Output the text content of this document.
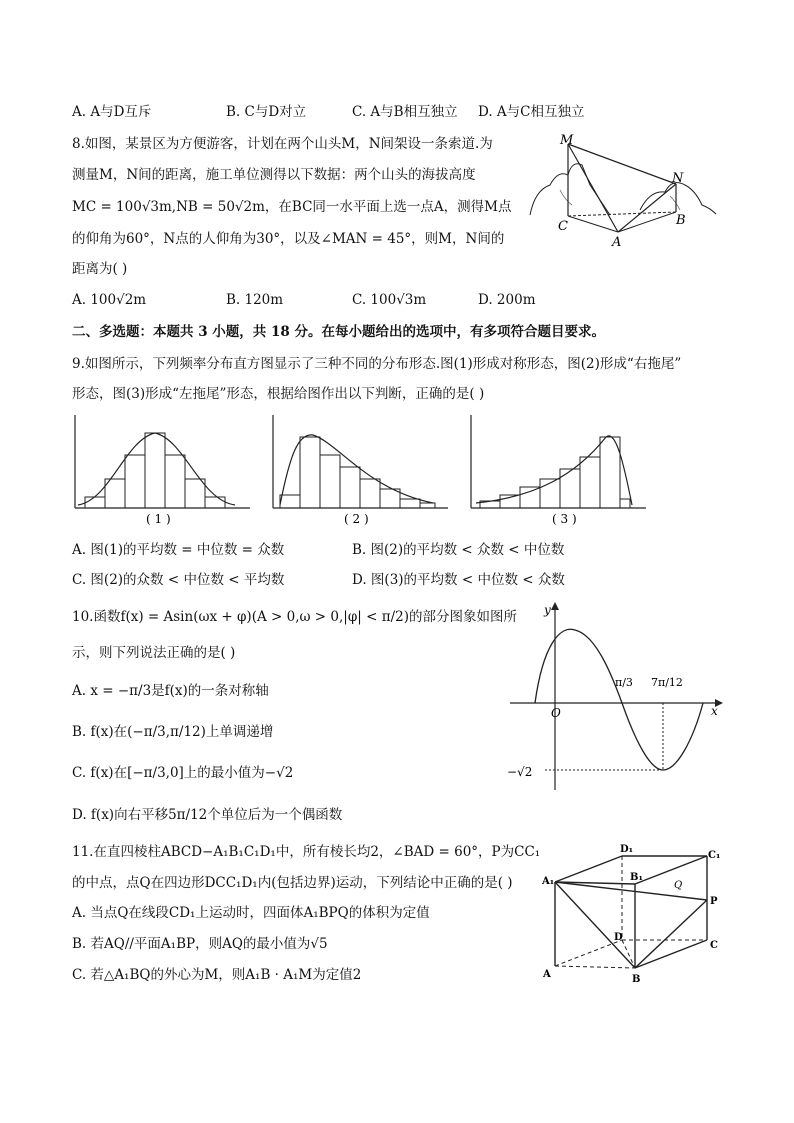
A. A与D互斥	B. C与D对立	C. A与B相互独立 D. A与C相互独立
8.如图，某景区为方便游客，计划在两个山头M，N间架设一条索道.为
测量M，N间的距离，施工单位测得以下数据：两个山头的海拔高度
MC = 100√3m,NB = 50√2m，在BC同一水平面上选一点A，测得M点
的仰角为60°，N点的人仰角为30°，以及∠MAN = 45°，则M，N间的
距离为( )
A. 100√2m	B. 120m	C. 100√3m	D. 200m
M
N
C
A
B
二、多选题：本题共 3 小题，共 18 分。在每小题给出的选项中，有多项符合题目要求。
9.如图所示，下列频率分布直方图显示了三种不同的分布形态.图(1)形成对称形态，图(2)形成“右拖尾”
形态，图(3)形成“左拖尾”形态，根据给图作出以下判断，正确的是( )
( 1 )	( 2 )	( 3 )
A. 图(1)的平均数 = 中位数 = 众数	B. 图(2)的平均数 < 众数 < 中位数
C. 图(2)的众数 < 中位数 < 平均数	D. 图(3)的平均数 < 中位数 < 众数
10.函数f(x) = Asin(ωx + φ)(A > 0,ω > 0,|φ| < π/2)的部分图象如图所
示，则下列说法正确的是( )
A. x = −π/3是f(x)的一条对称轴
B. f(x)在(−π/3,π/12)上单调递增
C. f(x)在[−π/3,0]上的最小值为−√2
D. f(x)向右平移5π/12个单位后为一个偶函数
y
x
O
π/3 7π/12
−√2
11.在直四棱柱ABCD−A₁B₁C₁D₁中，所有棱长均2，∠BAD = 60°，P为CC₁
的中点，点Q在四边形DCC₁D₁内(包括边界)运动，下列结论中正确的是( )
A. 当点Q在线段CD₁上运动时，四面体A₁BPQ的体积为定值
B. 若AQ//平面A₁BP，则AQ的最小值为√5
C. 若△A₁BQ的外心为M，则A₁B · A₁M为定值2
D₁
C₁
A₁	B₁
Q
P
D
A	B
C
